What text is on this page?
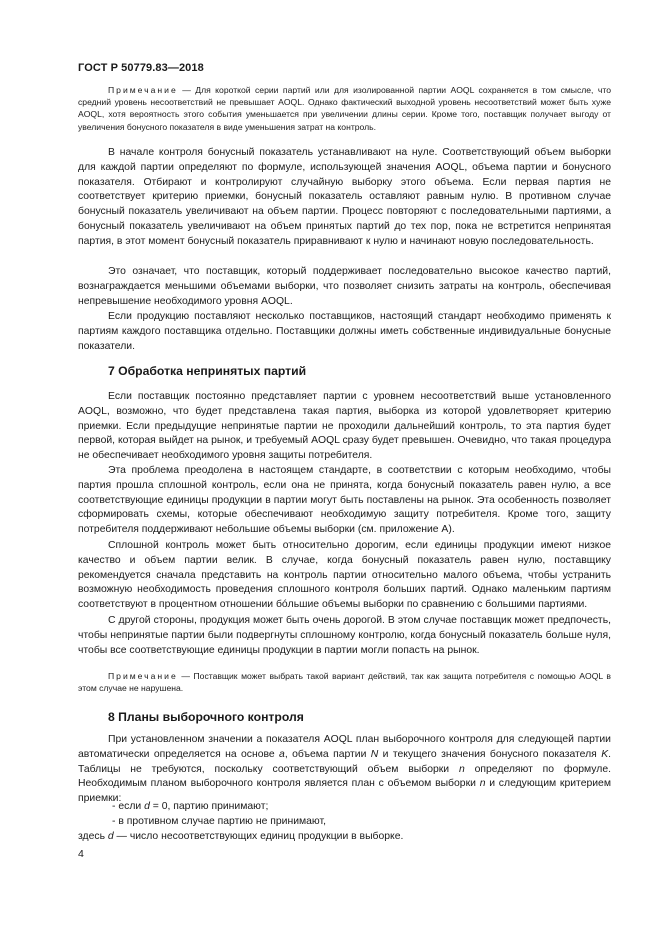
ГОСТ Р 50779.83—2018

Примечание — Для короткой серии партий или для изолированной партии AOQL сохраняется в том смысле, что средний уровень несоответствий не превышает AOQL. Однако фактический выходной уровень несоответствий может быть хуже AOQL, хотя вероятность этого события уменьшается при увеличении длины серии. Кроме того, поставщик получает выгоду от увеличения бонусного показателя в виде уменьшения затрат на контроль.

В начале контроля бонусный показатель устанавливают на нуле. Соответствующий объем выборки для каждой партии определяют по формуле, использующей значения AOQL, объема партии и бонусного показателя. Отбирают и контролируют случайную выборку этого объема. Если первая партия не соответствует критерию приемки, бонусный показатель оставляют равным нулю. В противном случае бонусный показатель увеличивают на объем партии. Процесс повторяют с последовательными партиями, а бонусный показатель увеличивают на объем принятых партий до тех пор, пока не встретится непринятая партия, в этот момент бонусный показатель приравнивают к нулю и начинают новую последовательность.

Это означает, что поставщик, который поддерживает последовательно высокое качество партий, вознаграждается меньшими объемами выборки, что позволяет снизить затраты на контроль, обеспечивая непревышение необходимого уровня AOQL.

Если продукцию поставляют несколько поставщиков, настоящий стандарт необходимо применять к партиям каждого поставщика отдельно. Поставщики должны иметь собственные индивидуальные бонусные показатели.

7 Обработка непринятых партий

Если поставщик постоянно представляет партии с уровнем несоответствий выше установленного AOQL, возможно, что будет представлена такая партия, выборка из которой удовлетворяет критерию приемки. Если предыдущие непринятые партии не проходили дальнейший контроль, то эта партия будет первой, которая выйдет на рынок, и требуемый AOQL сразу будет превышен. Очевидно, что такая процедура не обеспечивает необходимого уровня защиты потребителя.

Эта проблема преодолена в настоящем стандарте, в соответствии с которым необходимо, чтобы партия прошла сплошной контроль, если она не принята, когда бонусный показатель равен нулю, а все соответствующие единицы продукции в партии могут быть поставлены на рынок. Эта особенность позволяет сформировать схемы, которые обеспечивают необходимую защиту потребителя. Кроме того, защиту потребителя поддерживают небольшие объемы выборки (см. приложение А).

Сплошной контроль может быть относительно дорогим, если единицы продукции имеют низкое качество и объем партии велик. В случае, когда бонусный показатель равен нулю, поставщику рекомендуется сначала представить на контроль партии относительно малого объема, чтобы устранить возможную необходимость проведения сплошного контроля больших партий. Однако маленьким партиям соответствуют в процентном отношении бóльшие объемы выборки по сравнению с большими партиями.

С другой стороны, продукция может быть очень дорогой. В этом случае поставщик может предпочесть, чтобы непринятые партии были подвергнуты сплошному контролю, когда бонусный показатель больше нуля, чтобы все соответствующие единицы продукции в партии могли попасть на рынок.

Примечание — Поставщик может выбрать такой вариант действий, так как защита потребителя с помощью AOQL в этом случае не нарушена.

8 Планы выборочного контроля

При установленном значении а показателя AOQL план выборочного контроля для следующей партии автоматически определяется на основе a, объема партии N и текущего значения бонусного показателя K. Таблицы не требуются, поскольку соответствующий объем выборки n определяют по формуле. Необходимым планом выборочного контроля является план с объемом выборки n и следующим критерием приемки:

- если d = 0, партию принимают;

- в противном случае партию не принимают,

здесь d — число несоответствующих единиц продукции в выборке.

4
